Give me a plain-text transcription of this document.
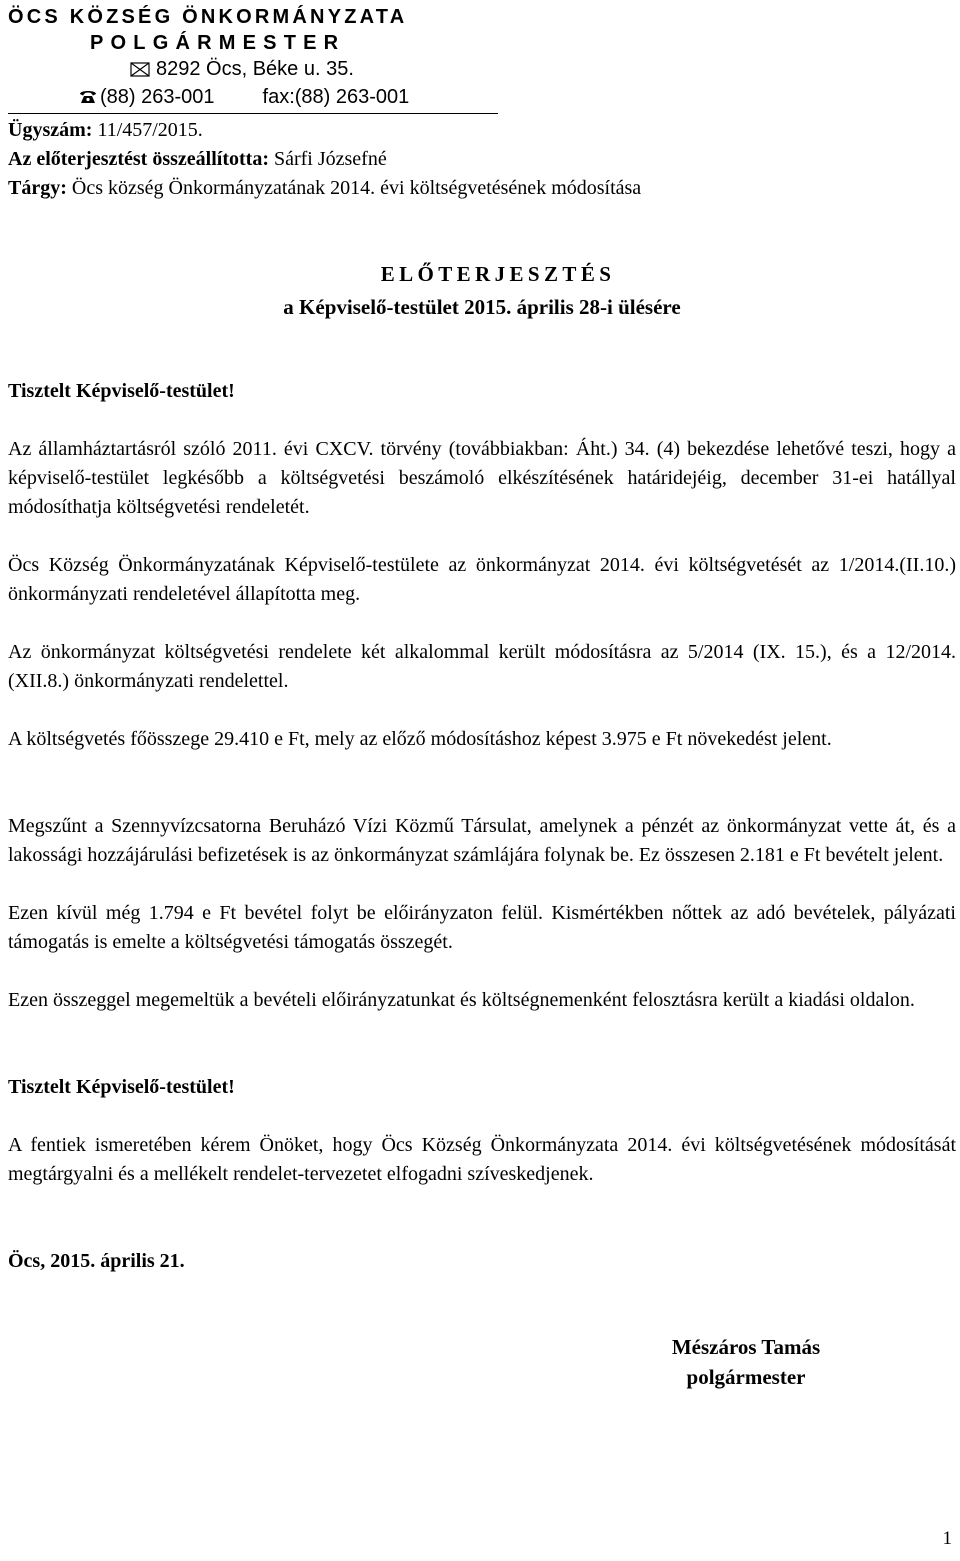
ÖCS KÖZSÉG ÖNKORMÁNYZATA
POLGÁRMESTER
8292 Öcs, Béke u. 35.
(88) 263-001 fax:(88) 263-001
Ügyszám: 11/457/2015.
Az előterjesztést összeállította: Sárfi Józsefné
Tárgy: Öcs község Önkormányzatának 2014. évi költségvetésének módosítása
ELŐTERJESZTÉS
a Képviselő-testület 2015. április 28-i ülésére
Tisztelt Képviselő-testület!
Az államháztartásról szóló 2011. évi CXCV. törvény (továbbiakban: Áht.) 34. (4) bekezdése lehetővé teszi, hogy a képviselő-testület legkésőbb a költségvetési beszámoló elkészítésének határidejéig, december 31-ei hatállyal módosíthatja költségvetési rendeletét.
Öcs Község Önkormányzatának Képviselő-testülete az önkormányzat 2014. évi költségvetését az 1/2014.(II.10.) önkormányzati rendeletével állapította meg.
Az önkormányzat költségvetési rendelete két alkalommal került módosításra az 5/2014 (IX. 15.), és a 12/2014. (XII.8.) önkormányzati rendelettel.
A költségvetés főösszege 29.410 e Ft, mely az előző módosításhoz képest 3.975 e Ft növekedést jelent.
Megszűnt a Szennyvízcsatorna Beruházó Vízi Közmű Társulat, amelynek a pénzét az önkormányzat vette át, és a lakossági hozzájárulási befizetések is az önkormányzat számlájára folynak be. Ez összesen 2.181 e Ft bevételt jelent.
Ezen kívül még 1.794 e Ft bevétel folyt be előirányzaton felül. Kismértékben nőttek az adó bevételek, pályázati támogatás is emelte a költségvetési támogatás összegét.
Ezen összeggel megemeltük a bevételi előirányzatunkat és költségnemenként felosztásra került a kiadási oldalon.
Tisztelt Képviselő-testület!
A fentiek ismeretében kérem Önöket, hogy Öcs Község Önkormányzata 2014. évi költségvetésének módosítását megtárgyalni és a mellékelt rendelet-tervezetet elfogadni szíveskedjenek.
Öcs, 2015. április 21.
Mészáros Tamás
polgármester
1
